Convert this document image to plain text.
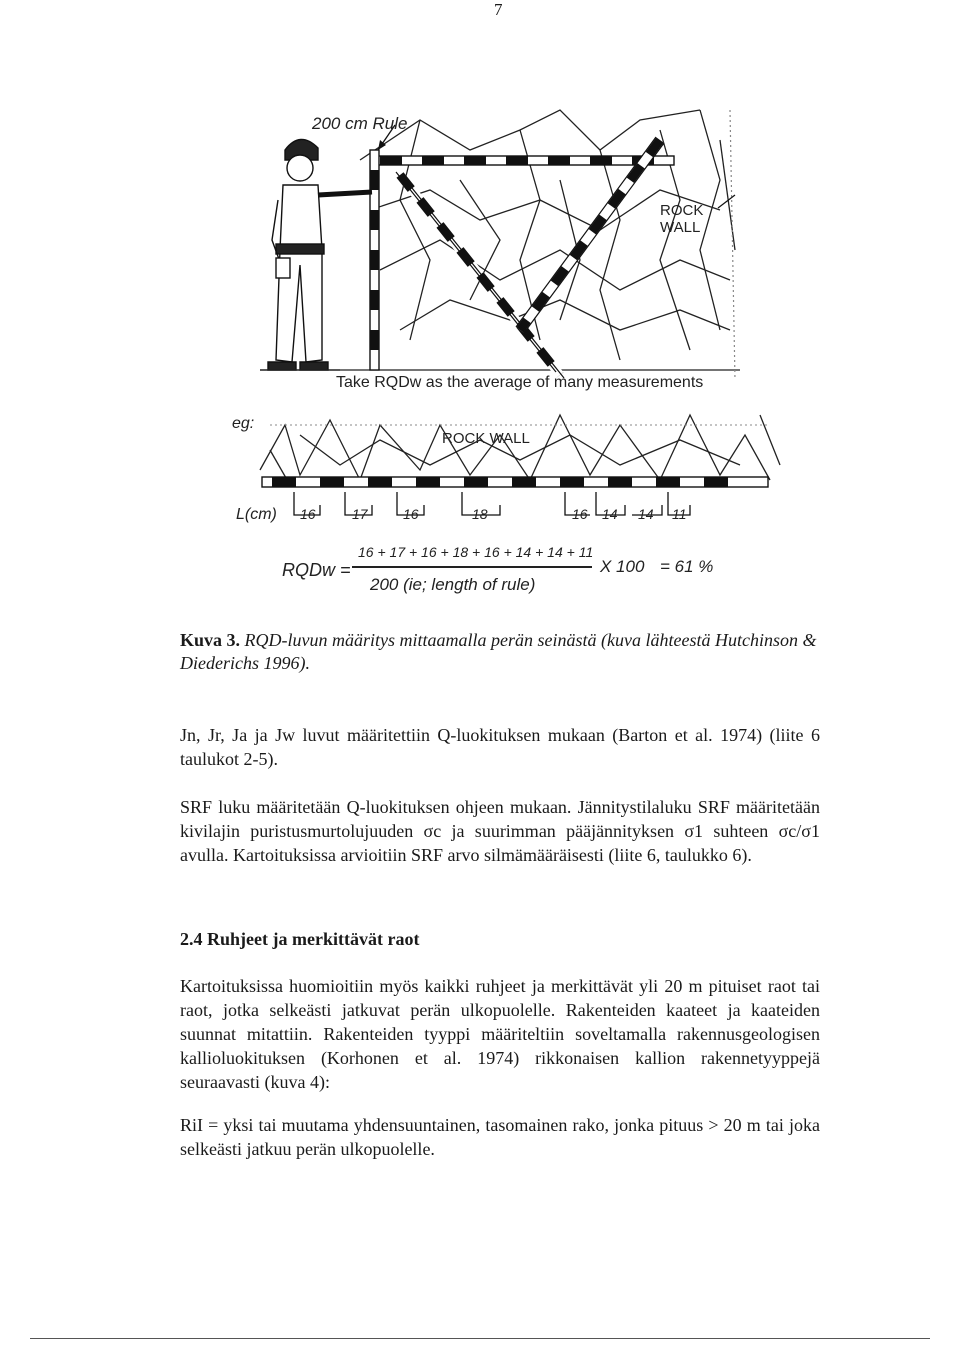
7
200 cm Rule
ROCK WALL
Take RQDw as the average of many measurements
eg:
ROCK WALL
L(cm) 16	17	16	18	16 14 14 11
RQDw =
16 + 17 + 16 + 18 + 16 + 14 + 14 + 11
200 (ie; length of rule)
X 100 = 61 %
Kuva 3. RQD-luvun määritys mittaamalla perän seinästä (kuva lähteestä Hutchinson & Diederichs 1996).
Jn, Jr, Ja ja Jw luvut määritettiin Q-luokituksen mukaan (Barton et al. 1974) (liite 6 taulukot 2-5).
SRF luku määritetään Q-luokituksen ohjeen mukaan. Jännitystilaluku SRF määritetään kivilajin puristusmurtolujuuden σc ja suurimman pääjännityksen σ1 suhteen σc/σ1 avulla. Kartoituksissa arvioitiin SRF arvo silmämääräisesti (liite 6, taulukko 6).
2.4 Ruhjeet ja merkittävät raot
Kartoituksissa huomioitiin myös kaikki ruhjeet ja merkittävät yli 20 m pituiset raot tai raot, jotka selkeästi jatkuvat perän ulkopuolelle. Rakenteiden kaateet ja kaateiden suunnat mitattiin. Rakenteiden tyyppi määriteltiin soveltamalla rakennusgeologisen kallioluokituksen (Korhonen et al. 1974) rikkonaisen kallion rakennetyyppejä seuraavasti (kuva 4):
RiI = yksi tai muutama yhdensuuntainen, tasomainen rako, jonka pituus > 20 m tai joka selkeästi jatkuu perän ulkopuolelle.
